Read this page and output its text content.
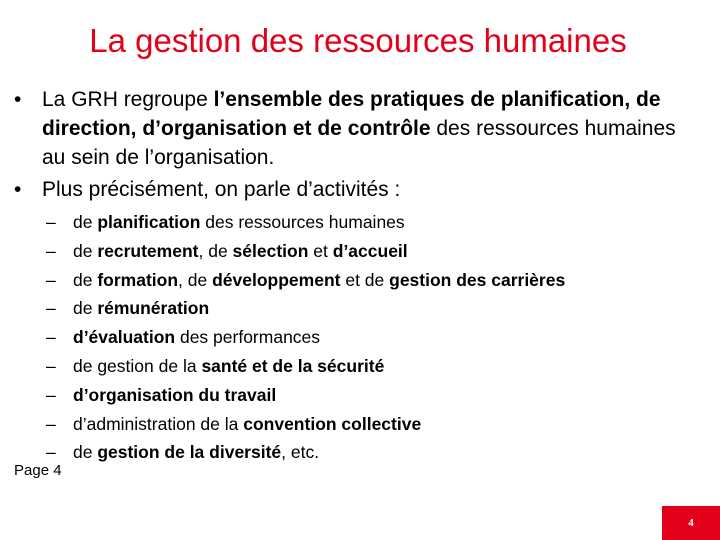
La gestion des ressources humaines
• La GRH regroupe l’ensemble des pratiques de planification, de direction, d’organisation et de contrôle des ressources humaines au sein de l’organisation.
• Plus précisément, on parle d’activités :
– de planification des ressources humaines
– de recrutement, de sélection et d’accueil
– de formation, de développement et de gestion des carrières
– de rémunération
– d’évaluation des performances
– de gestion de la santé et de la sécurité
– d’organisation du travail
– d’administration de la convention collective
– de gestion de la diversité, etc.
Page 4
4
